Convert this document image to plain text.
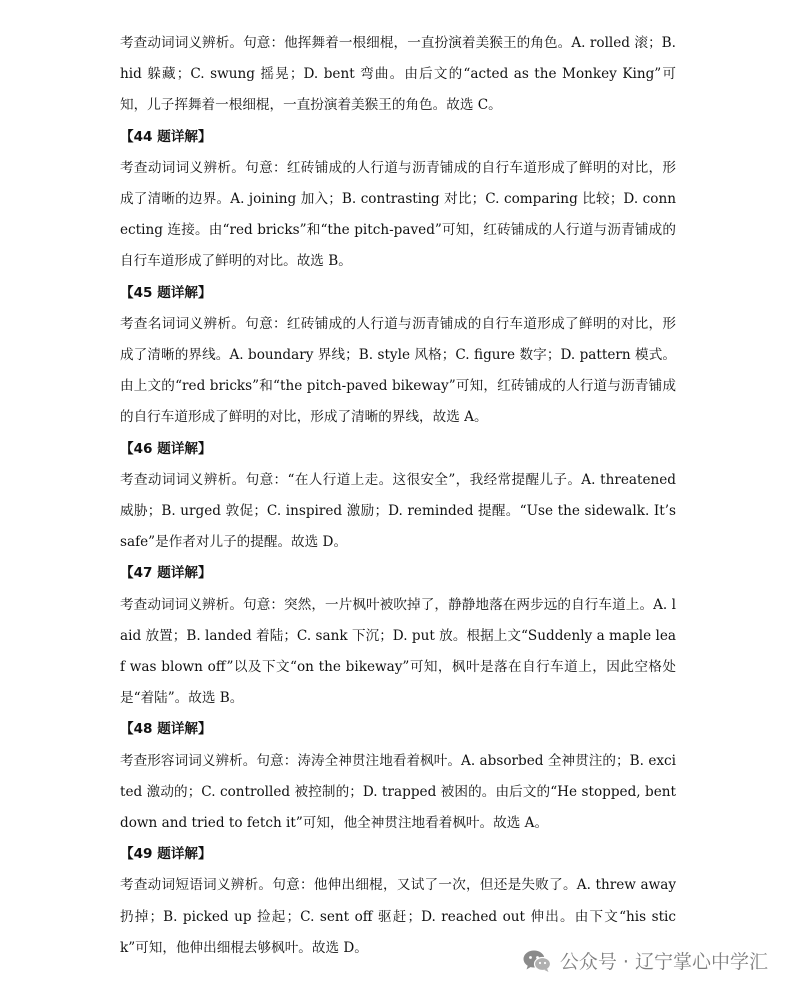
考查动词词义辨析。句意：他挥舞着一根细棍，一直扮演着美猴王的角色。A. rolled 滚；B. hid 躲藏；C. swung 摇晃；D. bent 弯曲。由后文的“acted as the Monkey King”可知，儿子挥舞着一根细棍，一直扮演着美猴王的角色。故选 C。

【44 题详解】

考查动词词义辨析。句意：红砖铺成的人行道与沥青铺成的自行车道形成了鲜明的对比，形成了清晰的边界。A. joining 加入；B. contrasting 对比；C. comparing 比较；D. connecting 连接。由“red bricks”和“the pitch-paved”可知，红砖铺成的人行道与沥青铺成的自行车道形成了鲜明的对比。故选 B。

【45 题详解】

考查名词词义辨析。句意：红砖铺成的人行道与沥青铺成的自行车道形成了鲜明的对比，形成了清晰的界线。A. boundary 界线；B. style 风格；C. figure 数字；D. pattern 模式。由上文的“red bricks”和“the pitch-paved bikeway”可知，红砖铺成的人行道与沥青铺成的自行车道形成了鲜明的对比，形成了清晰的界线，故选 A。

【46 题详解】

考查动词词义辨析。句意：“在人行道上走。这很安全”，我经常提醒儿子。A. threatened 威胁；B. urged 敦促；C. inspired 激励；D. reminded 提醒。“Use the sidewalk. It’s safe”是作者对儿子的提醒。故选 D。

【47 题详解】

考查动词词义辨析。句意：突然，一片枫叶被吹掉了，静静地落在两步远的自行车道上。A. laid 放置；B. landed 着陆；C. sank 下沉；D. put 放。根据上文“Suddenly a maple leaf was blown off”以及下文“on the bikeway”可知，枫叶是落在自行车道上，因此空格处是“着陆”。故选 B。

【48 题详解】

考查形容词词义辨析。句意：涛涛全神贯注地看着枫叶。A. absorbed 全神贯注的；B. excited 激动的；C. controlled 被控制的；D. trapped 被困的。由后文的“He stopped, bent down and tried to fetch it”可知，他全神贯注地看着枫叶。故选 A。

【49 题详解】

考查动词短语词义辨析。句意：他伸出细棍，又试了一次，但还是失败了。A. threw away 扔掉；B. picked up 捡起；C. sent off 驱赶；D. reached out 伸出。由下文“his stick”可知，他伸出细棍去够枫叶。故选 D。

公众号 · 辽宁掌心中学汇
